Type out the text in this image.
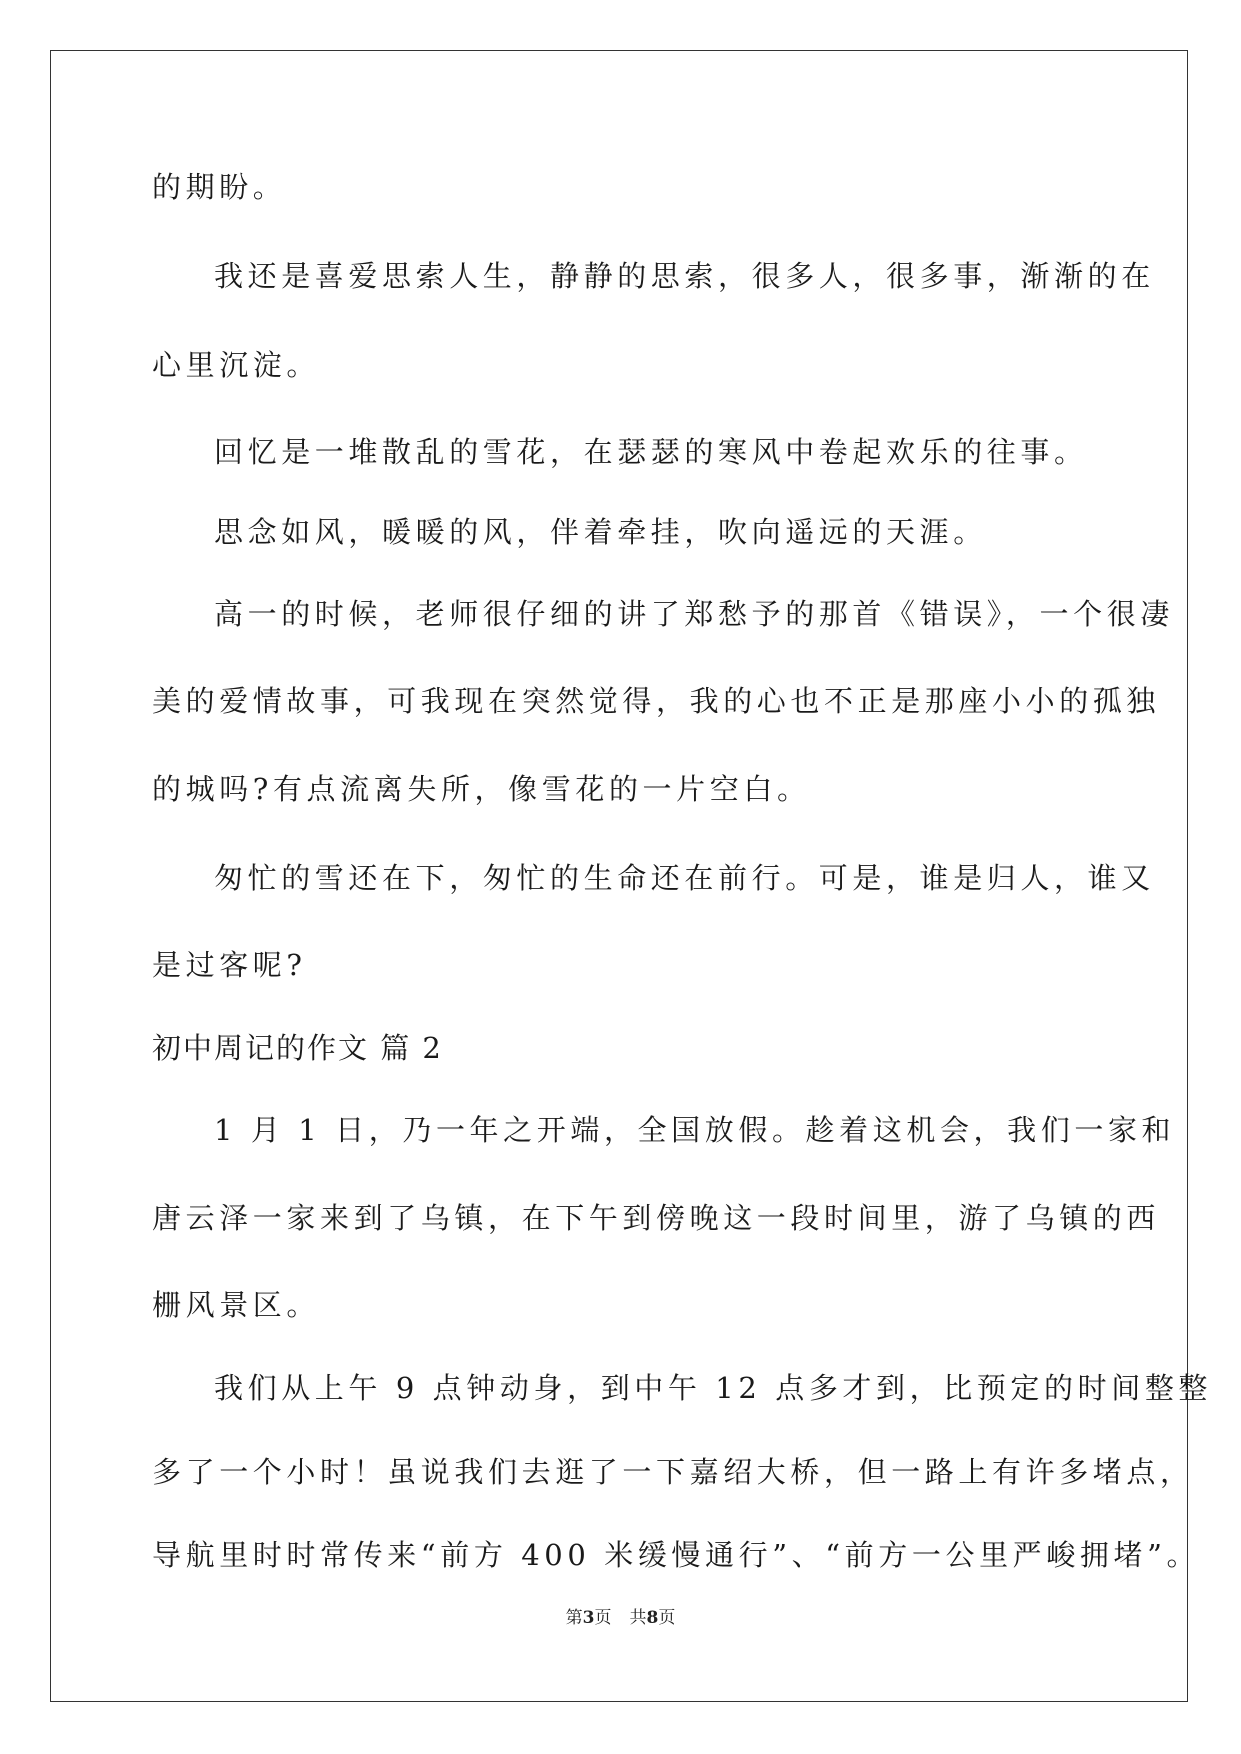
的期盼。
我还是喜爱思索人生，静静的思索，很多人，很多事，渐渐的在
心里沉淀。
回忆是一堆散乱的雪花，在瑟瑟的寒风中卷起欢乐的往事。
思念如风，暖暖的风，伴着牵挂，吹向遥远的天涯。
高一的时候，老师很仔细的讲了郑愁予的那首《错误》，一个很凄
美的爱情故事，可我现在突然觉得，我的心也不正是那座小小的孤独
的城吗?有点流离失所，像雪花的一片空白。
匆忙的雪还在下，匆忙的生命还在前行。可是，谁是归人，谁又
是过客呢?
初中周记的作文 篇 2
1 月 1 日，乃一年之开端，全国放假。趁着这机会，我们一家和
唐云泽一家来到了乌镇，在下午到傍晚这一段时间里，游了乌镇的西
栅风景区。
我们从上午 9 点钟动身，到中午 12 点多才到，比预定的时间整整
多了一个小时！虽说我们去逛了一下嘉绍大桥，但一路上有许多堵点，
导航里时时常传来“前方 400 米缓慢通行”、“前方一公里严峻拥堵”。
第3页 共8页
